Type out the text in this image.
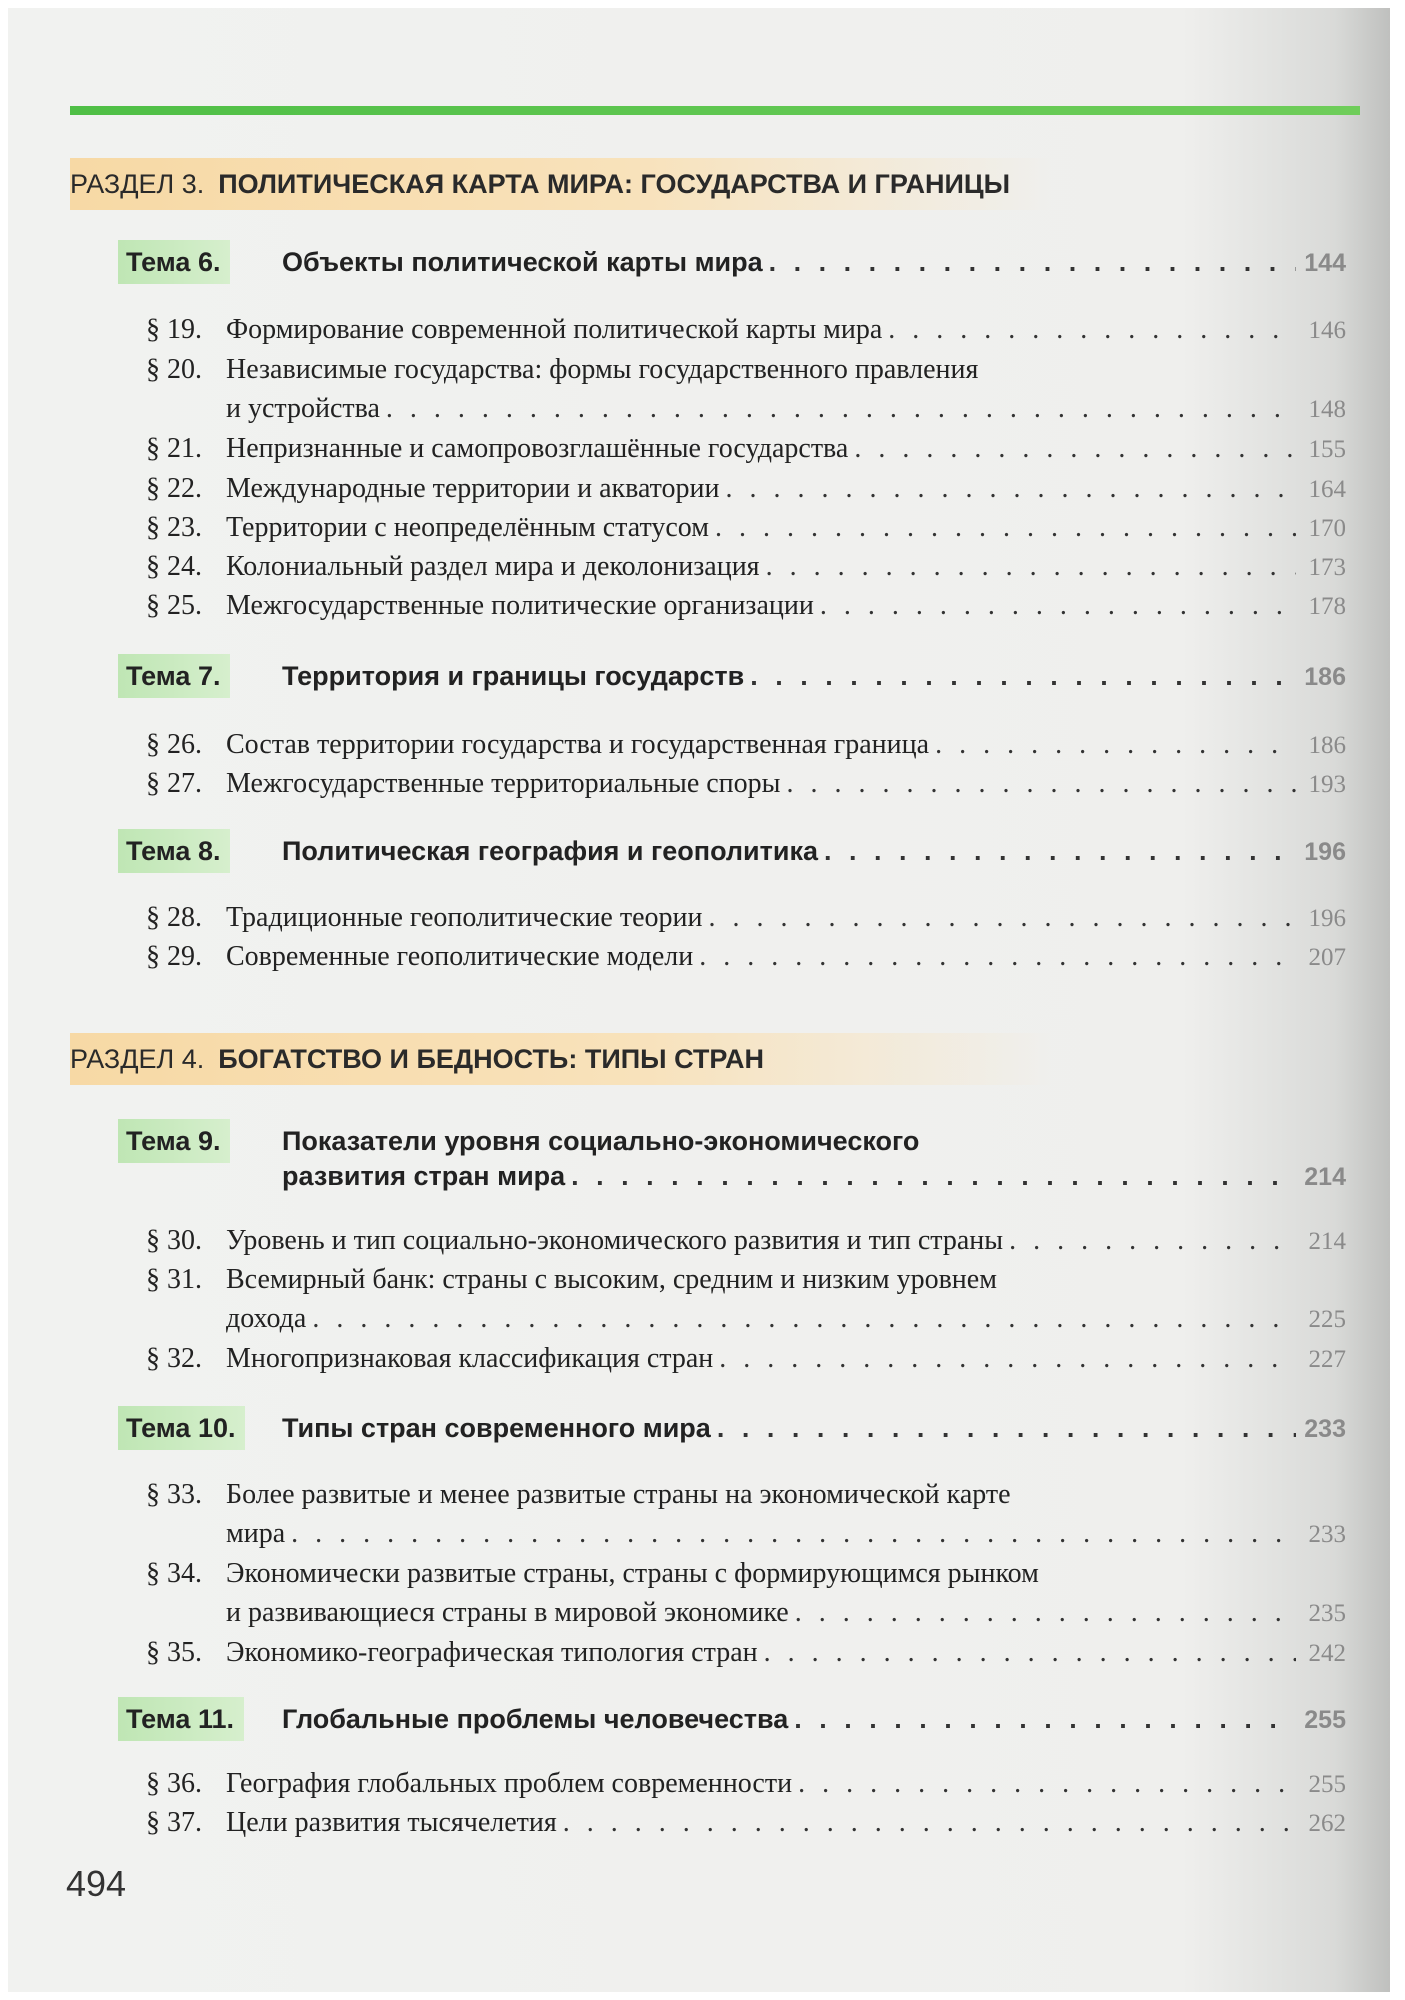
РАЗДЕЛ 3. ПОЛИТИЧЕСКАЯ КАРТА МИРА: ГОСУДАРСТВА И ГРАНИЦЫ
Тема 6.	Объекты политической карты мира . . .	144
§ 19. Формирование современной политической карты мира . . .	146
§ 20. Независимые государства: формы государственного правления
и устройства . . .	148
§ 21. Непризнанные и самопровозглашённые государства . . .	155
§ 22. Международные территории и акватории . . .	164
§ 23. Территории с неопределённым статусом . . .	170
§ 24. Колониальный раздел мира и деколонизация . . .	173
§ 25. Межгосударственные политические организации . . .	178
Тема 7.	Территория и границы государств . . .	186
§ 26. Состав территории государства и государственная граница . . .	186
§ 27. Межгосударственные территориальные споры . . .	193
Тема 8.	Политическая география и геополитика . . .	196
§ 28. Традиционные геополитические теории . . .	196
§ 29. Современные геополитические модели . . .	207
РАЗДЕЛ 4. БОГАТСТВО И БЕДНОСТЬ: ТИПЫ СТРАН
Тема 9.	Показатели уровня социально-экономического
развития стран мира . . .	214
§ 30. Уровень и тип социально-экономического развития и тип страны . . .	214
§ 31. Всемирный банк: страны с высоким, средним и низким уровнем
дохода . . .	225
§ 32. Многопризнаковая классификация стран . . .	227
Тема 10.	Типы стран современного мира . . .	233
§ 33. Более развитые и менее развитые страны на экономической карте
мира . . .	233
§ 34. Экономически развитые страны, страны с формирующимся рынком
и развивающиеся страны в мировой экономике . . .	235
§ 35. Экономико-географическая типология стран . . .	242
Тема 11.	Глобальные проблемы человечества . . .	255
§ 36. География глобальных проблем современности . . .	255
§ 37. Цели развития тысячелетия . . .	262
494
